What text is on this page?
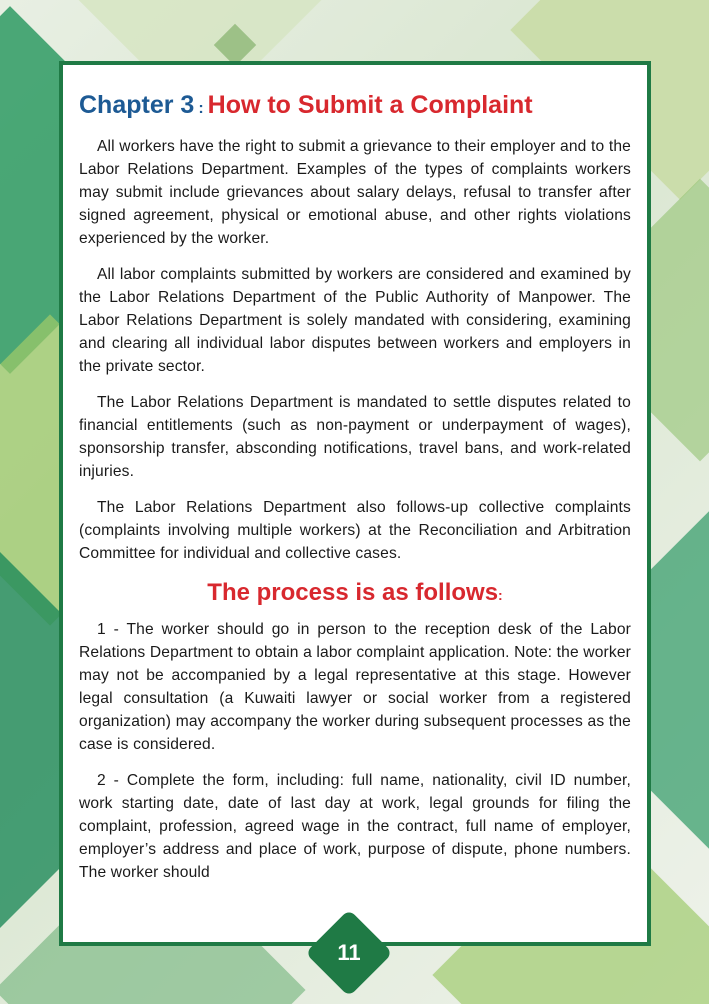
Chapter 3 : How to Submit a Complaint

All workers have the right to submit a grievance to their employer and to the Labor Relations Department. Examples of the types of complaints workers may submit include grievances about salary delays, refusal to transfer after signed agreement, physical or emotional abuse, and other rights violations experienced by the worker.

All labor complaints submitted by workers are considered and examined by the Labor Relations Department of the Public Authority of Manpower. The Labor Relations Department is solely mandated with considering, examining and clearing all individual labor disputes between workers and employers in the private sector.

The Labor Relations Department is mandated to settle disputes related to financial entitlements (such as non-payment or underpayment of wages), sponsorship transfer, absconding notifications, travel bans, and work-related injuries.

The Labor Relations Department also follows-up collective complaints (complaints involving multiple workers) at the Reconciliation and Arbitration Committee for individual and collective cases.

The process is as follows:

1 - The worker should go in person to the reception desk of the Labor Relations Department to obtain a labor complaint application. Note: the worker may not be accompanied by a legal representative at this stage. However legal consultation (a Kuwaiti lawyer or social worker from a registered organization) may accompany the worker during subsequent processes as the case is considered.

2 - Complete the form, including: full name, nationality, civil ID number, work starting date, date of last day at work, legal grounds for filing the complaint, profession, agreed wage in the contract, full name of employer, employer’s address and place of work, purpose of dispute, phone numbers. The worker should

11
